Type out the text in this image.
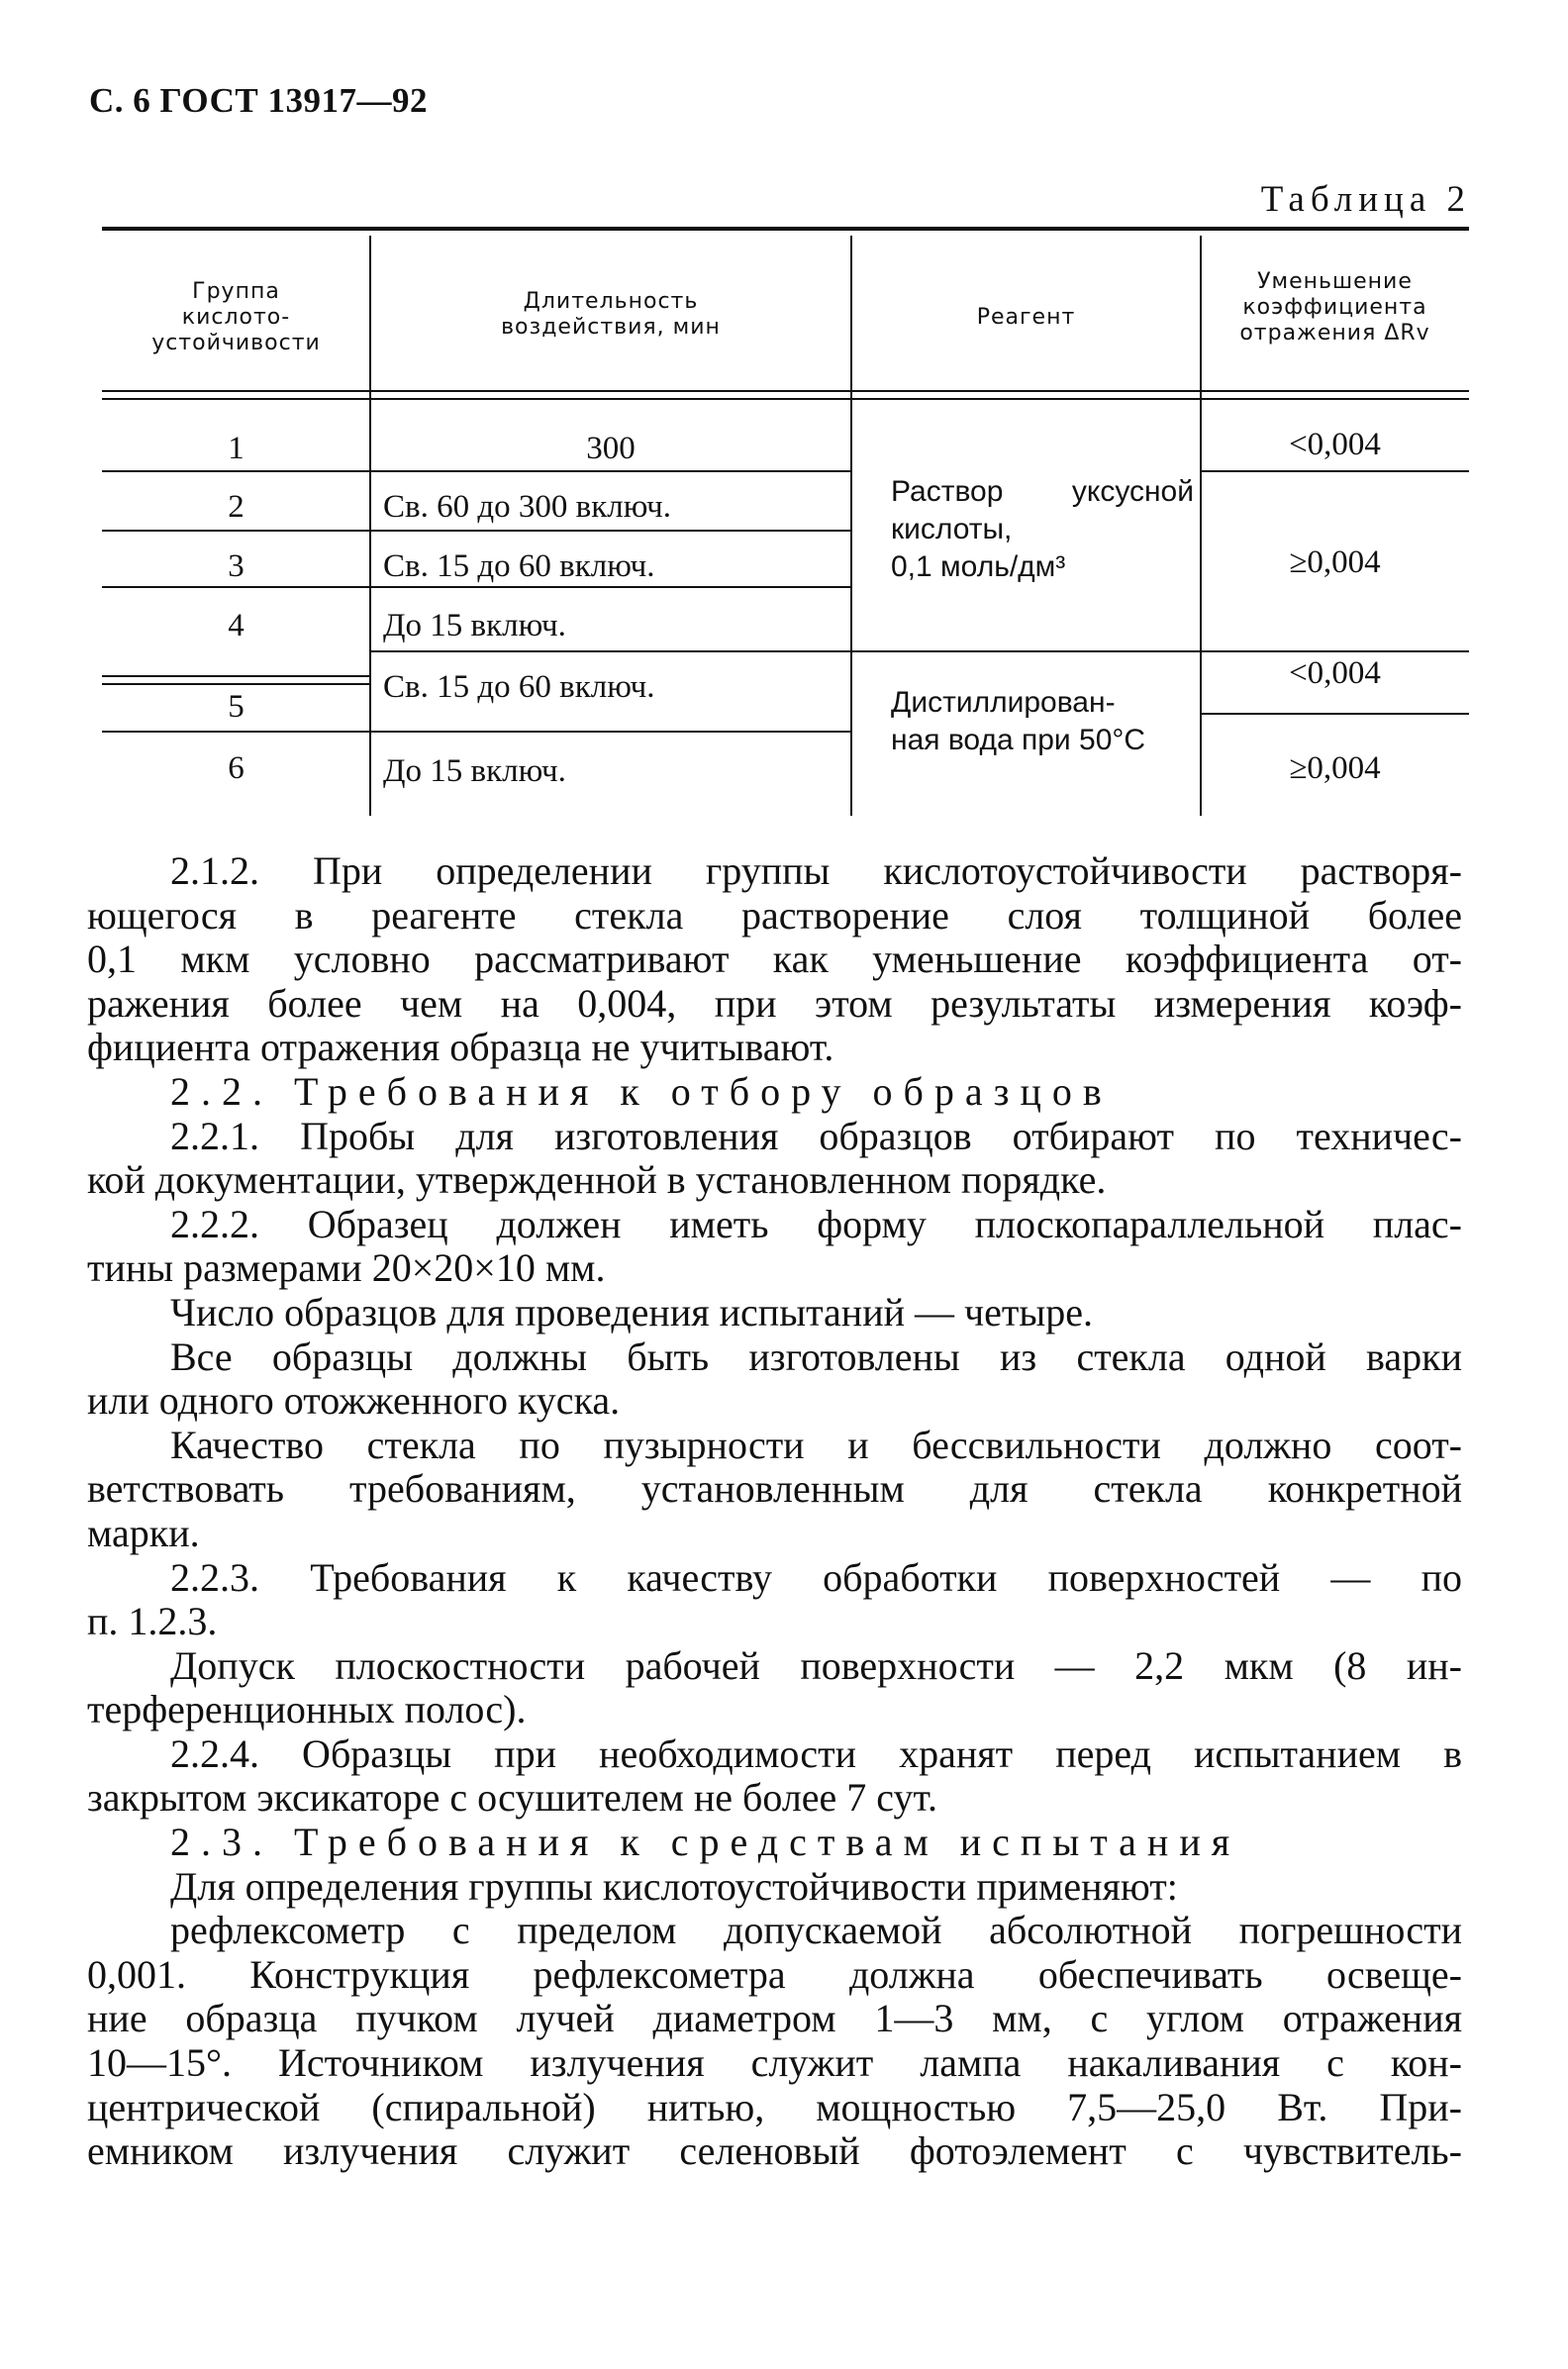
С. 6 ГОСТ 13917—92
Таблица 2
Группа
кислото-
устойчивости
Длительность
воздействия, мин	Реагент
Уменьшение
коэффициента
отражения ΔRv
1
2
3
4
5
6
300
Св. 60 до 300 включ.
Св. 15 до 60 включ.
До 15 включ.
Св. 15 до 60 включ.
До 15 включ.
Раствор уксусной
кислоты,
0,1 моль/дм³
Дистиллирован-
ная вода при 50°С
<0,004
≥0,004
<0,004
≥0,004
2.1.2. При определении группы кислотоустойчивости растворя-
ющегося в реагенте стекла растворение слоя толщиной более
0,1 мкм условно рассматривают как уменьшение коэффициента от-
ражения более чем на 0,004, при этом результаты измерения коэф-
фициента отражения образца не учитывают.
2.2. Требования к отбору образцов
2.2.1. Пробы для изготовления образцов отбирают по техничес-
кой документации, утвержденной в установленном порядке.
2.2.2. Образец должен иметь форму плоскопараллельной плас-
тины размерами 20×20×10 мм.
Число образцов для проведения испытаний — четыре.
Все образцы должны быть изготовлены из стекла одной варки
или одного отожженного куска.
Качество стекла по пузырности и бессвильности должно соот-
ветствовать требованиям, установленным для стекла конкретной
марки.
2.2.3. Требования к качеству обработки поверхностей — по
п. 1.2.3.
Допуск плоскостности рабочей поверхности — 2,2 мкм (8 ин-
терференционных полос).
2.2.4. Образцы при необходимости хранят перед испытанием в
закрытом эксикаторе с осушителем не более 7 сут.
2.3. Требования к средствам испытания
Для определения группы кислотоустойчивости применяют:
рефлексометр с пределом допускаемой абсолютной погрешности
0,001. Конструкция рефлексометра должна обеспечивать освеще-
ние образца пучком лучей диаметром 1—3 мм, с углом отражения
10—15°. Источником излучения служит лампа накаливания с кон-
центрической (спиральной) нитью, мощностью 7,5—25,0 Вт. При-
емником излучения служит селеновый фотоэлемент с чувствитель-
